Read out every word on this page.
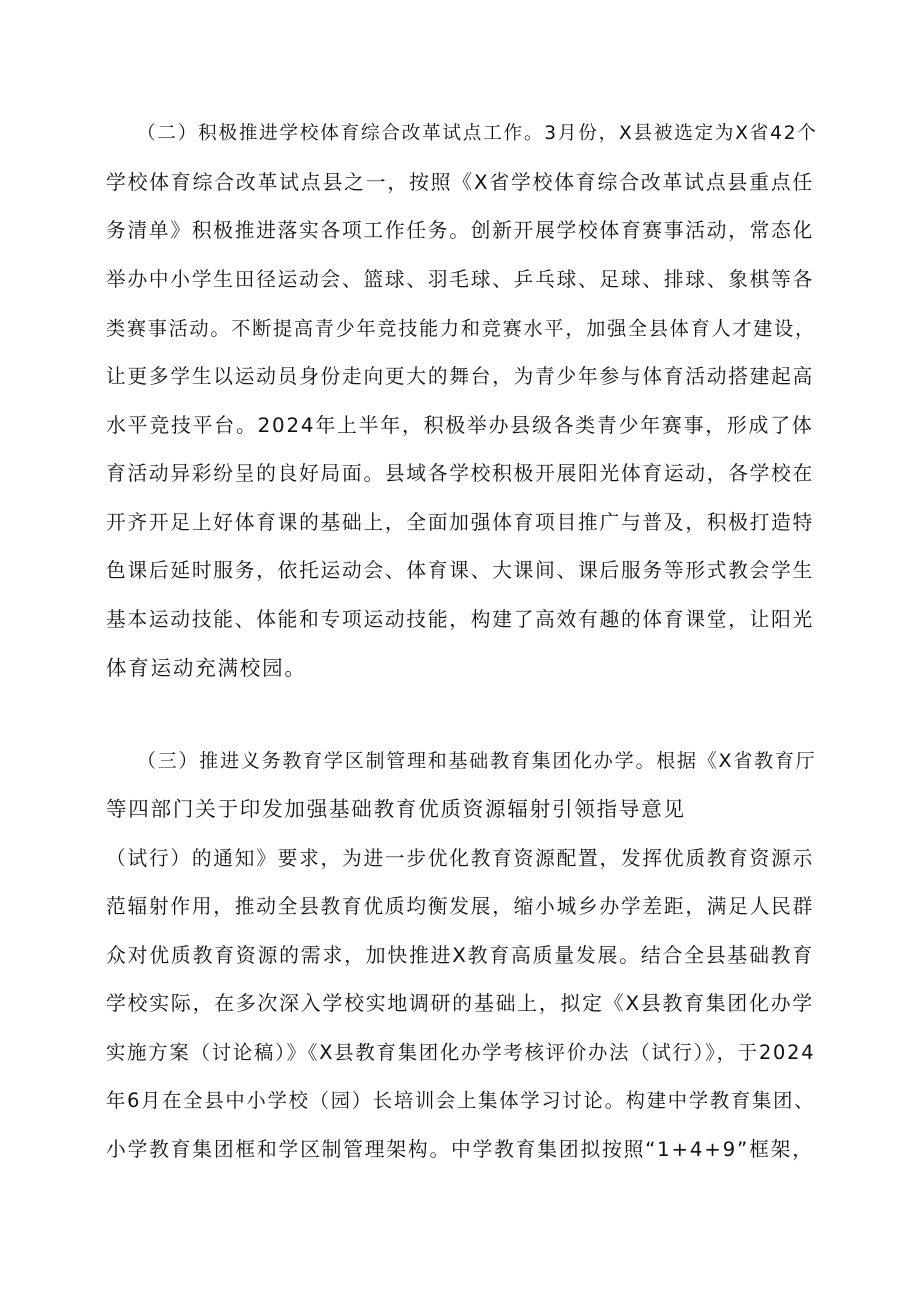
（二）积极推进学校体育综合改革试点工作。3月份，X县被选定为X省42个
学校体育综合改革试点县之一，按照《X省学校体育综合改革试点县重点任
务清单》积极推进落实各项工作任务。创新开展学校体育赛事活动，常态化
举办中小学生田径运动会、篮球、羽毛球、乒乓球、足球、排球、象棋等各
类赛事活动。不断提高青少年竞技能力和竞赛水平，加强全县体育人才建设，
让更多学生以运动员身份走向更大的舞台，为青少年参与体育活动搭建起高
水平竞技平台。2024年上半年，积极举办县级各类青少年赛事，形成了体
育活动异彩纷呈的良好局面。县域各学校积极开展阳光体育运动，各学校在
开齐开足上好体育课的基础上，全面加强体育项目推广与普及，积极打造特
色课后延时服务，依托运动会、体育课、大课间、课后服务等形式教会学生
基本运动技能、体能和专项运动技能，构建了高效有趣的体育课堂，让阳光
体育运动充满校园。
（三）推进义务教育学区制管理和基础教育集团化办学。根据《X省教育厅
等四部门关于印发加强基础教育优质资源辐射引领指导意见
（试行）的通知》要求，为进一步优化教育资源配置，发挥优质教育资源示
范辐射作用，推动全县教育优质均衡发展，缩小城乡办学差距，满足人民群
众对优质教育资源的需求，加快推进X教育高质量发展。结合全县基础教育
学校实际，在多次深入学校实地调研的基础上，拟定《X县教育集团化办学
实施方案（讨论稿）》《X县教育集团化办学考核评价办法（试行）》，于2024
年6月在全县中小学校（园）长培训会上集体学习讨论。构建中学教育集团、
小学教育集团框和学区制管理架构。中学教育集团拟按照“1+4+9”框架，
